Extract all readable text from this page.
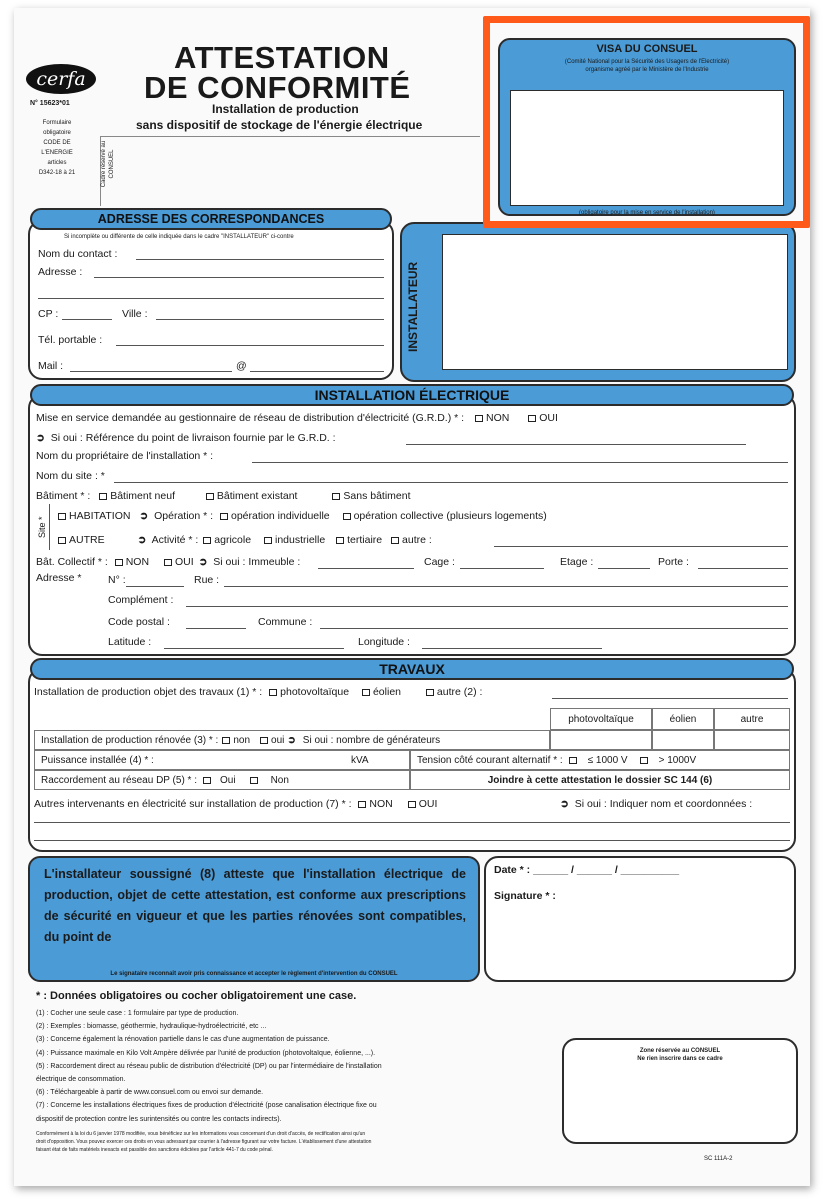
cerfa
N° 15623*01
Formulaire
obligatoire
CODE DE
L'ENERGIE
articles
D342-18 à 21
ATTESTATION
DE CONFORMITÉ
Installation de production
sans dispositif de stockage de l'énergie électrique
Cadre réservé au CONSUEL
VISA DU CONSUEL
(Comité National pour la Sécurité des Usagers de l'Electricité)
organisme agréé par le Ministère de l'Industrie
(obligatoire pour la mise en service de l'installation)
ADRESSE DES CORRESPONDANCES
Si incomplète ou différente de celle indiquée dans le cadre "INSTALLATEUR" ci-contre
Nom du contact :
Adresse :
CP :	Ville :
Tél. portable :
Mail :	@
INSTALLATEUR
INSTALLATION ÉLECTRIQUE
Mise en service demandée au gestionnaire de réseau de distribution d'électricité (G.R.D.) * : NON	OUI
➲ Si oui : Référence du point de livraison fournie par le G.R.D. :
Nom du propriétaire de l'installation * :
Nom du site : *
Bâtiment * : Bâtiment neuf	Bâtiment existant	Sans bâtiment
Site *
HABITATION ➲ Opération * : opération individuelle opération collective (plusieurs logements)
AUTRE	➲ Activité * : agricole industrielle tertiaire autre :
Bât. Collectif * : NON OUI ➲ Si oui : Immeuble :	Cage :	Etage :	Porte :
Adresse *	N° :	Rue :
Complément :
Code postal :	Commune :
Latitude :	Longitude :
TRAVAUX
Installation de production objet des travaux (1) * : photovoltaïque éolien	autre (2) :
photovoltaïque	éolien	autre
Installation de production rénovée (3) * :	non	oui ➲ Si oui : nombre de générateurs
Puissance installée (4) * :	kVA	Tension côté courant alternatif * :	≤ 1000 V	> 1000V
Raccordement au réseau DP (5) * :	Oui	Non	Joindre à cette attestation le dossier SC 144 (6)
Autres intervenants en électricité sur installation de production (7) * : NON OUI	➲ Si oui : Indiquer nom et coordonnées :
L'installateur soussigné (8) atteste que l'installation électrique de production, objet de cette attestation, est conforme aux prescriptions de sécurité en vigueur et que les parties rénovées sont compatibles, du point de
Le signataire reconnaît avoir pris connaissance et accepter le règlement d'intervention du CONSUEL
Date * : ______ / ______ / __________
Signature * :
* : Données obligatoires ou cocher obligatoirement une case.
(1) : Cocher une seule case : 1 formulaire par type de production.
(2) : Exemples : biomasse, géothermie, hydraulique-hydroélectricité, etc ...
(3) : Concerne également la rénovation partielle dans le cas d'une augmentation de puissance.
(4) : Puissance maximale en Kilo Volt Ampère délivrée par l'unité de production (photovoltaïque, éolienne, ...).
(5) : Raccordement direct au réseau public de distribution d'électricité (DP) ou par l'intermédiaire de l'installation
électrique de consommation.
(6) : Téléchargeable à partir de www.consuel.com ou envoi sur demande.
(7) : Concerne les installations électriques fixes de production d'électricité (pose canalisation électrique fixe ou
dispositif de protection contre les surintensités ou contre les contacts indirects).
Conformément à la loi du 6 janvier 1978 modifiée, vous bénéficiez sur les informations vous concernant d'un droit d'accès, de rectification ainsi qu'un
droit d'opposition. Vous pouvez exercer ces droits en vous adressant par courrier à l'adresse figurant sur votre facture. L'établissement d'une attestation
faisant état de faits matériels inexacts est passible des sanctions édictées par l'article 441-7 du code pénal.
Zone réservée au CONSUEL
Ne rien inscrire dans ce cadre
SC 111A-2
